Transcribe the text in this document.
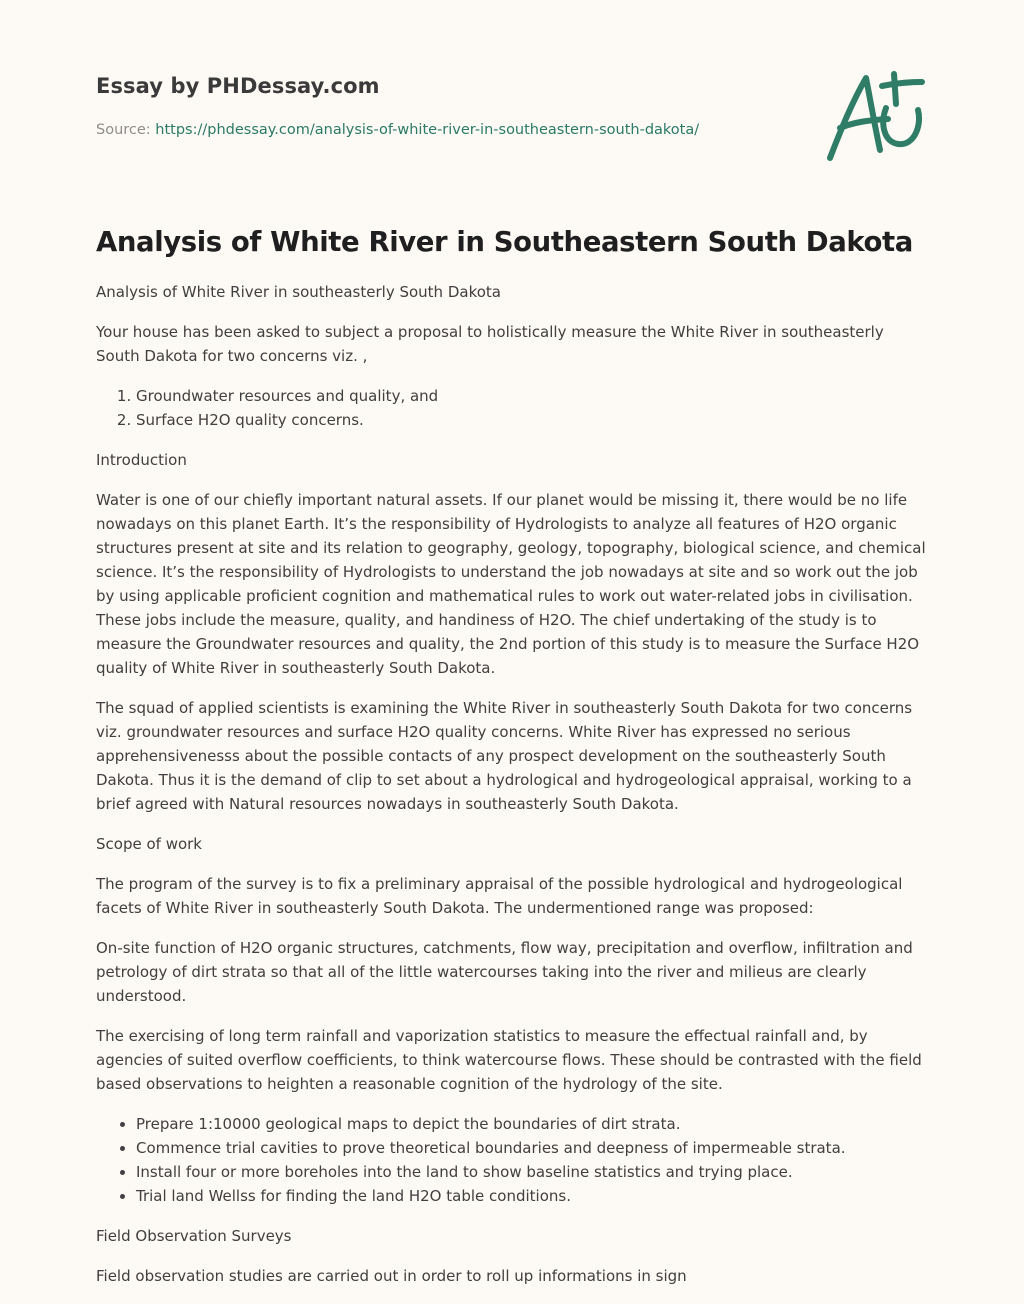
Essay by PHDessay.com

Source: https://phdessay.com/analysis-of-white-river-in-southeastern-south-dakota/
Analysis of White River in Southeastern South Dakota

Analysis of White River in southeasterly South Dakota

Your house has been asked to subject a proposal to holistically measure the White River in southeasterly South Dakota for two concerns viz. ,

1. Groundwater resources and quality, and
2. Surface H2O quality concerns.

Introduction

Water is one of our chiefly important natural assets. If our planet would be missing it, there would be no life nowadays on this planet Earth. It’s the responsibility of Hydrologists to analyze all features of H2O organic structures present at site and its relation to geography, geology, topography, biological science, and chemical science. It’s the responsibility of Hydrologists to understand the job nowadays at site and so work out the job by using applicable proficient cognition and mathematical rules to work out water-related jobs in civilisation. These jobs include the measure, quality, and handiness of H2O. The chief undertaking of the study is to measure the Groundwater resources and quality, the 2nd portion of this study is to measure the Surface H2O quality of White River in southeasterly South Dakota.

The squad of applied scientists is examining the White River in southeasterly South Dakota for two concerns viz. groundwater resources and surface H2O quality concerns. White River has expressed no serious apprehensivenesss about the possible contacts of any prospect development on the southeasterly South Dakota. Thus it is the demand of clip to set about a hydrological and hydrogeological appraisal, working to a brief agreed with Natural resources nowadays in southeasterly South Dakota.

Scope of work

The program of the survey is to fix a preliminary appraisal of the possible hydrological and hydrogeological facets of White River in southeasterly South Dakota. The undermentioned range was proposed:

On-site function of H2O organic structures, catchments, flow way, precipitation and overflow, infiltration and petrology of dirt strata so that all of the little watercourses taking into the river and milieus are clearly understood.

The exercising of long term rainfall and vaporization statistics to measure the effectual rainfall and, by agencies of suited overflow coefficients, to think watercourse flows. These should be contrasted with the field based observations to heighten a reasonable cognition of the hydrology of the site.

• Prepare 1:10000 geological maps to depict the boundaries of dirt strata.
• Commence trial cavities to prove theoretical boundaries and deepness of impermeable strata.
• Install four or more boreholes into the land to show baseline statistics and trying place.
• Trial land Wellss for finding the land H2O table conditions.

Field Observation Surveys

Field observation studies are carried out in order to roll up informations in sign
